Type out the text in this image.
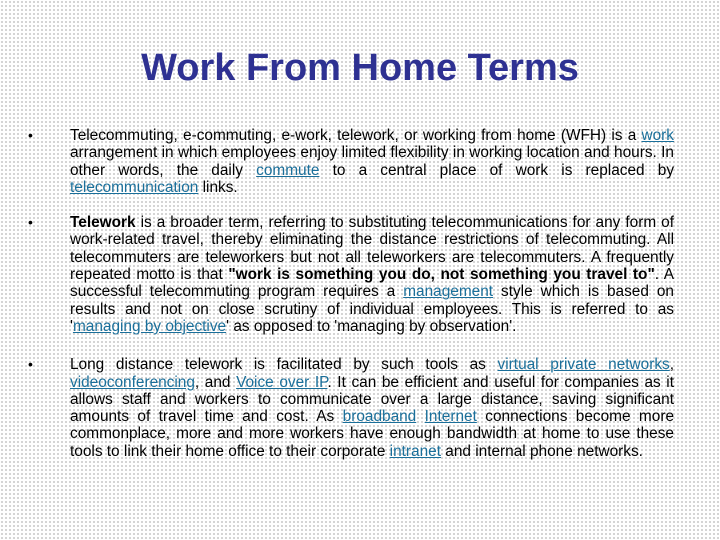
Work From Home Terms
• Telecommuting, e-commuting, e-work, telework, or working from home (WFH) is a work arrangement in which employees enjoy limited flexibility in working location and hours. In other words, the daily commute to a central place of work is replaced by telecommunication links.
• Telework is a broader term, referring to substituting telecommunications for any form of work-related travel, thereby eliminating the distance restrictions of telecommuting. All telecommuters are teleworkers but not all teleworkers are telecommuters. A frequently repeated motto is that "work is something you do, not something you travel to". A successful telecommuting program requires a management style which is based on results and not on close scrutiny of individual employees. This is referred to as 'managing by objective' as opposed to 'managing by observation'.
• Long distance telework is facilitated by such tools as virtual private networks, videoconferencing, and Voice over IP. It can be efficient and useful for companies as it allows staff and workers to communicate over a large distance, saving significant amounts of travel time and cost. As broadband Internet connections become more commonplace, more and more workers have enough bandwidth at home to use these tools to link their home office to their corporate intranet and internal phone networks.
